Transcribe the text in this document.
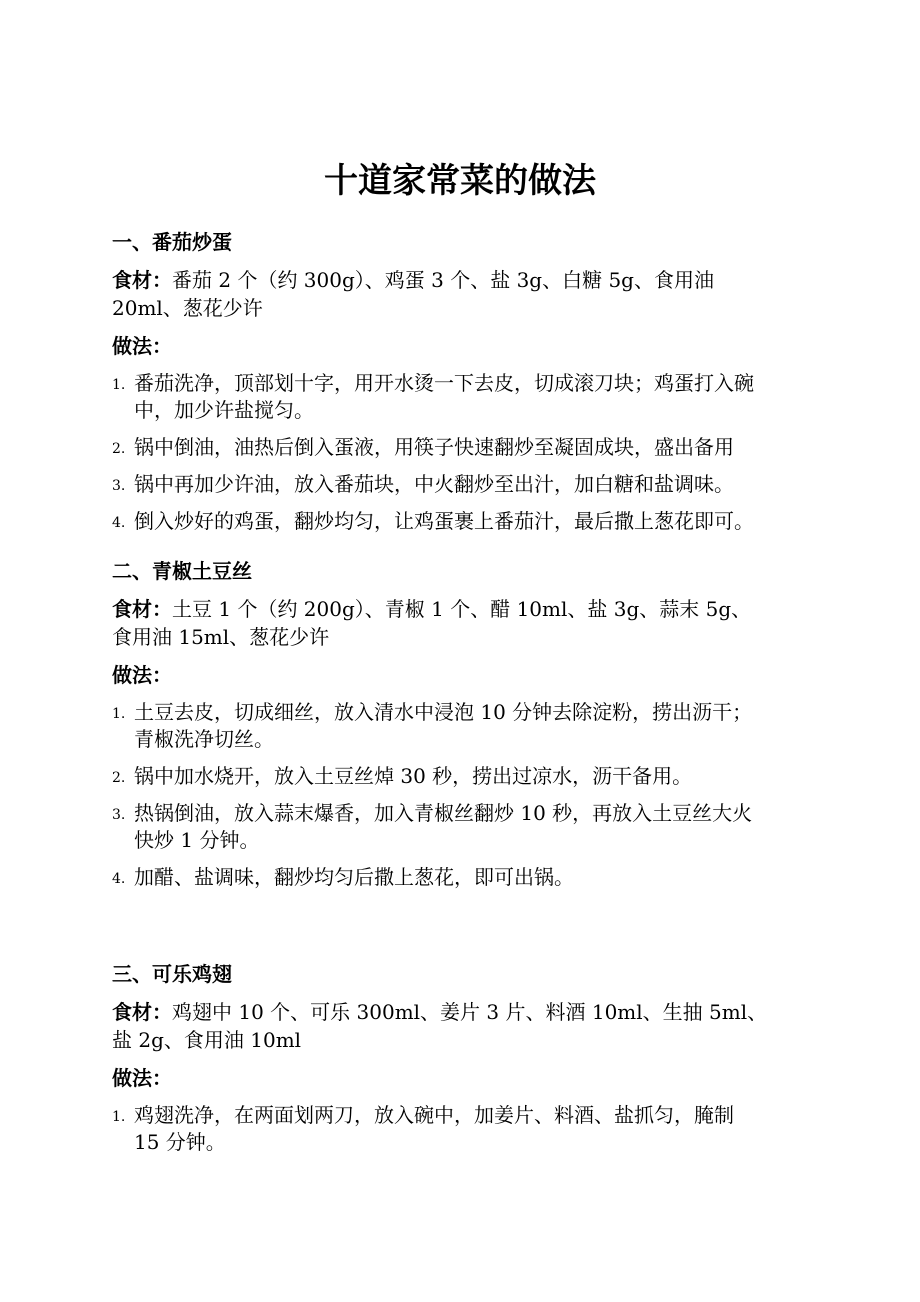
十道家常菜的做法

一、番茄炒蛋

食材：番茄 2 个（约 300g）、鸡蛋 3 个、盐 3g、白糖 5g、食用油
20ml、葱花少许

做法：

1. 番茄洗净，顶部划十字，用开水烫一下去皮，切成滚刀块；鸡蛋打入碗
中，加少许盐搅匀。
2. 锅中倒油，油热后倒入蛋液，用筷子快速翻炒至凝固成块，盛出备用
3. 锅中再加少许油，放入番茄块，中火翻炒至出汁，加白糖和盐调味。
4. 倒入炒好的鸡蛋，翻炒均匀，让鸡蛋裹上番茄汁，最后撒上葱花即可。

二、青椒土豆丝

食材：土豆 1 个（约 200g）、青椒 1 个、醋 10ml、盐 3g、蒜末 5g、
食用油 15ml、葱花少许

做法：

1. 土豆去皮，切成细丝，放入清水中浸泡 10 分钟去除淀粉，捞出沥干；
青椒洗净切丝。
2. 锅中加水烧开，放入土豆丝焯 30 秒，捞出过凉水，沥干备用。
3. 热锅倒油，放入蒜末爆香，加入青椒丝翻炒 10 秒，再放入土豆丝大火
快炒 1 分钟。
4. 加醋、盐调味，翻炒均匀后撒上葱花，即可出锅。

三、可乐鸡翅

食材：鸡翅中 10 个、可乐 300ml、姜片 3 片、料酒 10ml、生抽 5ml、
盐 2g、食用油 10ml

做法：

1. 鸡翅洗净，在两面划两刀，放入碗中，加姜片、料酒、盐抓匀，腌制
15 分钟。
